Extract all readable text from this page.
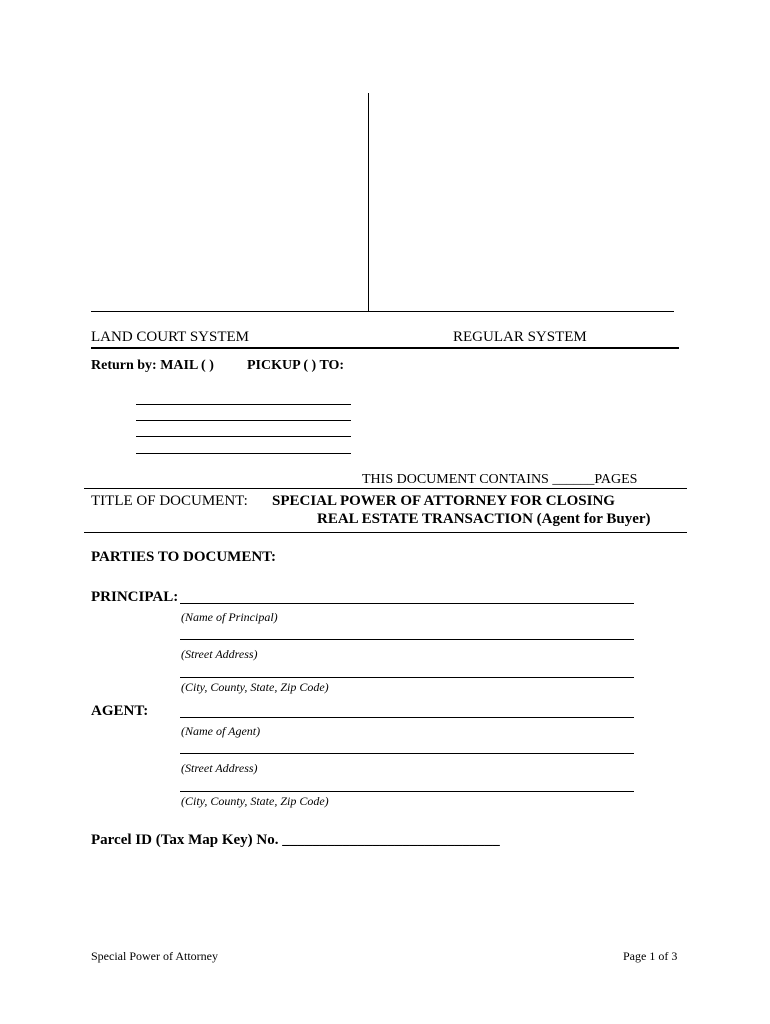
LAND COURT SYSTEM	REGULAR SYSTEM
Return by: MAIL ( ) PICKUP ( ) TO:
THIS DOCUMENT CONTAINS ______PAGES
TITLE OF DOCUMENT: SPECIAL POWER OF ATTORNEY FOR CLOSING
REAL ESTATE TRANSACTION (Agent for Buyer)
PARTIES TO DOCUMENT:
PRINCIPAL:
(Name of Principal)
(Street Address)
(City, County, State, Zip Code)
AGENT:
(Name of Agent)
(Street Address)
(City, County, State, Zip Code)
Parcel ID (Tax Map Key) No. _____________________________
Special Power of Attorney	Page 1 of 3
